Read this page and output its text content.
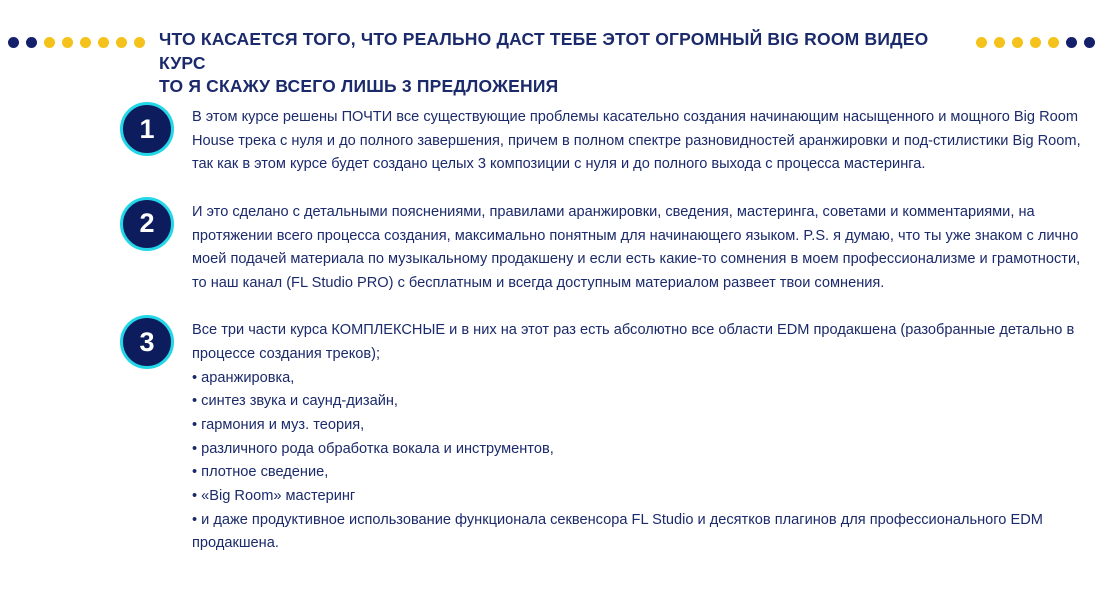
ЧТО КАСАЕТСЯ ТОГО, ЧТО РЕАЛЬНО ДАСТ ТЕБЕ ЭТОТ ОГРОМНЫЙ BIG ROOM ВИДЕО КУРС
ТО Я СКАЖУ ВСЕГО ЛИШЬ 3 ПРЕДЛОЖЕНИЯ
1	В этом курсе решены ПОЧТИ все существующие проблемы касательно создания начинающим насыщенного и мощного Big Room House трека с нуля и до полного завершения, причем в полном спектре разновидностей аранжировки и под-стилистики Big Room, так как в этом курсе будет создано целых 3 композиции с нуля и до полного выхода с процесса мастеринга.
2	И это сделано с детальными пояснениями, правилами аранжировки, сведения, мастеринга, советами и комментариями, на протяжении всего процесса создания, максимально понятным для начинающего языком. P.S. я думаю, что ты уже знаком с лично моей подачей материала по музыкальному продакшену и если есть какие-то сомнения в моем профессионализме и грамотности, то наш канал (FL Studio PRO) с бесплатным и всегда доступным материалом развеет твои сомнения.
3	Все три части курса КОМПЛЕКСНЫЕ и в них на этот раз есть абсолютно все области EDM продакшена (разобранные детально в процессе создания треков);
• аранжировка,
• синтез звука и саунд-дизайн,
• гармония и муз. теория,
• различного рода обработка вокала и инструментов,
• плотное сведение,
• «Big Room» мастеринг
• и даже продуктивное использование функционала секвенсора FL Studio и десятков плагинов для профессионального EDM продакшена.
